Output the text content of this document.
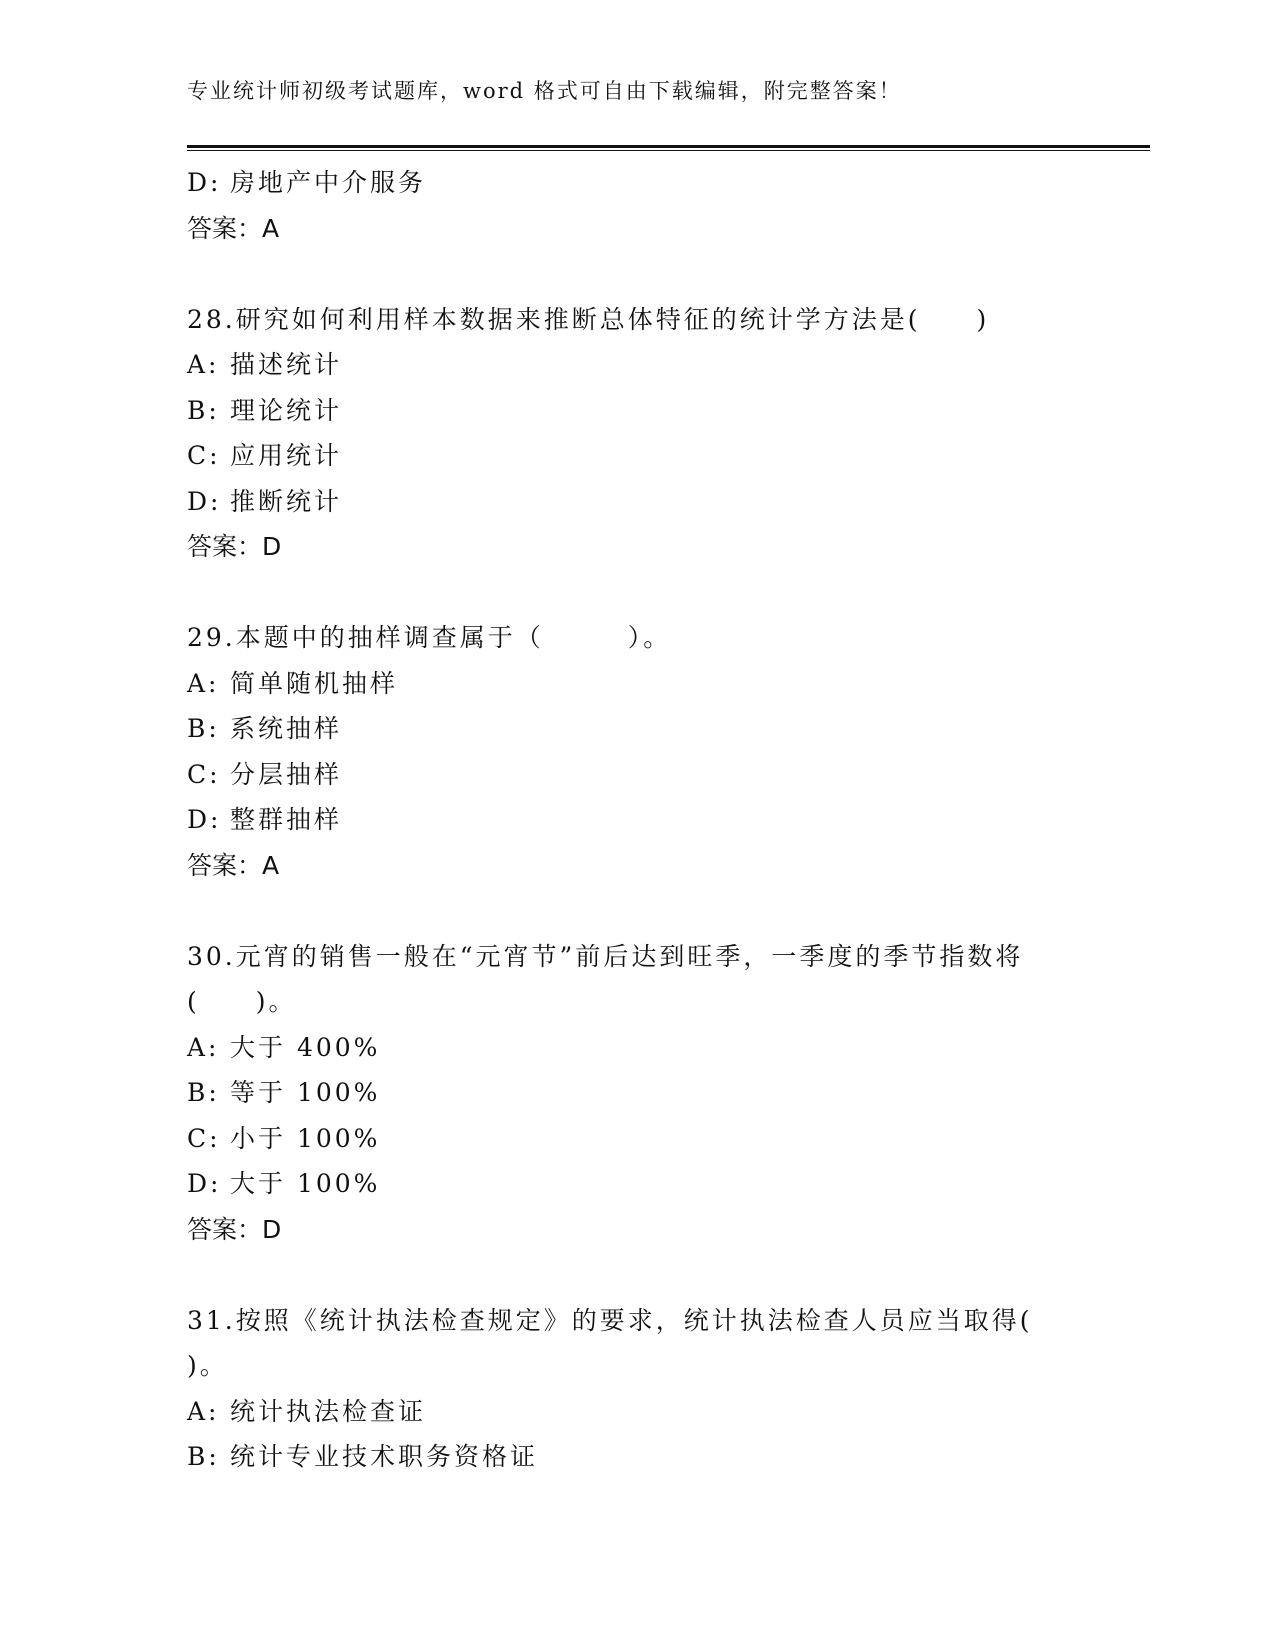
专业统计师初级考试题库，word 格式可自由下载编辑，附完整答案！
D: 房地产中介服务
答案：A
28.研究如何利用样本数据来推断总体特征的统计学方法是(　　)
A: 描述统计
B: 理论统计
C: 应用统计
D: 推断统计
答案：D
29.本题中的抽样调查属于（　　　）。
A: 简单随机抽样
B: 系统抽样
C: 分层抽样
D: 整群抽样
答案：A
30.元宵的销售一般在“元宵节”前后达到旺季，一季度的季节指数将
(　　)。
A: 大于 400%
B: 等于 100%
C: 小于 100%
D: 大于 100%
答案：D
31.按照《统计执法检查规定》的要求，统计执法检查人员应当取得(
)。
A: 统计执法检查证
B: 统计专业技术职务资格证
